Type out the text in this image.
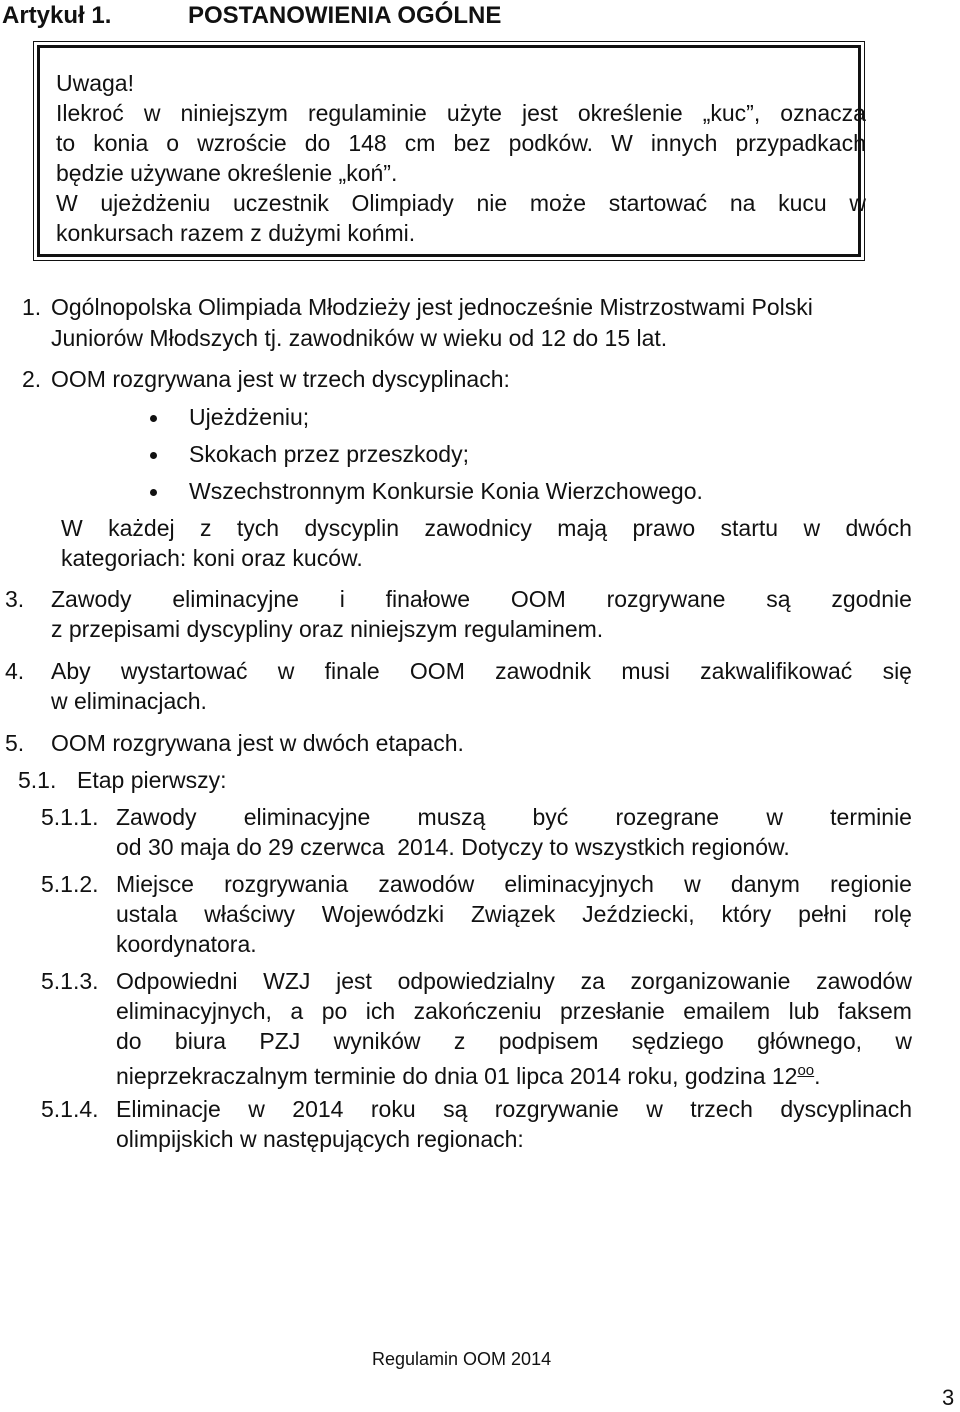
Artykuł 1.	POSTANOWIENIA OGÓLNE
Uwaga!
Ilekroć w niniejszym regulaminie użyte jest określenie „kuc”, oznacza
to konia o wzroście do 148 cm bez podków. W innych przypadkach
będzie używane określenie „koń”.
W ujeżdżeniu uczestnik Olimpiady nie może startować na kucu w
konkursach razem z dużymi końmi.
1. Ogólnopolska Olimpiada Młodzieży jest jednocześnie Mistrzostwami Polski
Juniorów Młodszych tj. zawodników w wieku od 12 do 15 lat.
2. OOM rozgrywana jest w trzech dyscyplinach:
Ujeżdżeniu;
Skokach przez przeszkody;
Wszechstronnym Konkursie Konia Wierzchowego.
W każdej z tych dyscyplin zawodnicy mają prawo startu w dwóch
kategoriach: koni oraz kuców.
3. Zawody eliminacyjne i finałowe OOM rozgrywane są zgodnie
z przepisami dyscypliny oraz niniejszym regulaminem.
4. Aby wystartować w finale OOM zawodnik musi zakwalifikować się
w eliminacjach.
5. OOM rozgrywana jest w dwóch etapach.
5.1. Etap pierwszy:
5.1.1. Zawody eliminacyjne muszą być rozegrane w terminie
od 30 maja do 29 czerwca  2014. Dotyczy to wszystkich regionów.
5.1.2. Miejsce rozgrywania zawodów eliminacyjnych w danym regionie
ustala właściwy Wojewódzki Związek Jeździecki, który pełni rolę
koordynatora.
5.1.3. Odpowiedni WZJ jest odpowiedzialny za zorganizowanie zawodów
eliminacyjnych, a po ich zakończeniu przesłanie emailem lub faksem
do biura PZJ wyników z podpisem sędziego głównego, w
nieprzekraczalnym terminie do dnia 01 lipca 2014 roku, godzina $12^{oo}$.
5.1.4. Eliminacje w 2014 roku są rozgrywanie w trzech dyscyplinach
olimpijskich w następujących regionach:
Regulamin OOM 2014
3
